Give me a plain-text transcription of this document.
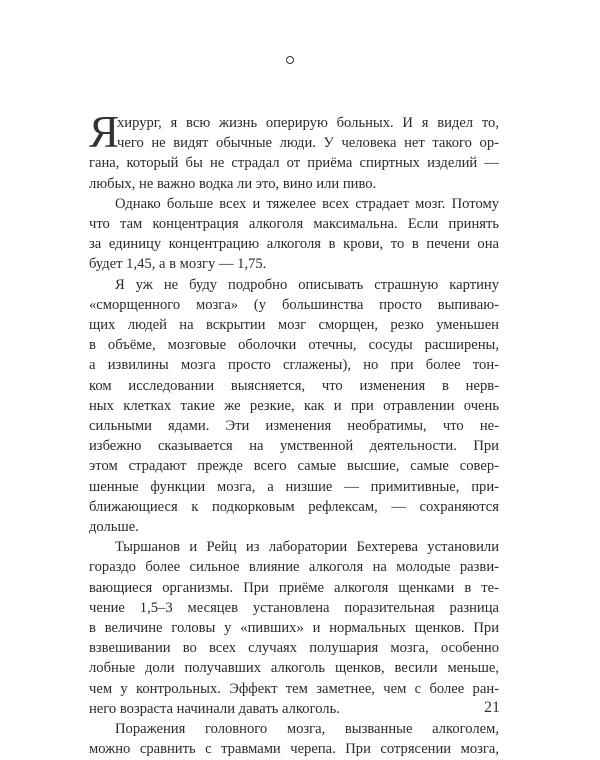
Я
хирург, я всю жизнь оперирую больных. И я видел то,
чего не видят обычные люди. У человека нет такого ор-
гана, который бы не страдал от приёма спиртных изделий —
любых, не важно водка ли это, вино или пиво.

Однако больше всех и тяжелее всех страдает мозг. Потому
что там концентрация алкоголя максимальна. Если принять
за единицу концентрацию алкоголя в крови, то в печени она
будет 1,45, а в мозгу — 1,75.

Я уж не буду подробно описывать страшную картину
«сморщенного мозга» (у большинства просто выпиваю-
щих людей на вскрытии мозг сморщен, резко уменьшен
в объёме, мозговые оболочки отечны, сосуды расширены,
а извилины мозга просто сглажены), но при более тон-
ком исследовании выясняется, что изменения в нерв-
ных клетках такие же резкие, как и при отравлении очень
сильными ядами. Эти изменения необратимы, что не-
избежно сказывается на умственной деятельности. При
этом страдают прежде всего самые высшие, самые совер-
шенные функции мозга, а низшие — примитивные, при-
ближающиеся к подкорковым рефлексам, — сохраняются
дольше.

Тыршанов и Рейц из лаборатории Бехтерева установили
гораздо более сильное влияние алкоголя на молодые разви-
вающиеся организмы. При приёме алкоголя щенками в те-
чение 1,5–3 месяцев установлена поразительная разница
в величине головы у «пивших» и нормальных щенков. При
взвешивании во всех случаях полушария мозга, особенно
лобные доли получавших алкоголь щенков, весили меньше,
чем у контрольных. Эффект тем заметнее, чем с более ран-
него возраста начинали давать алкоголь.

Поражения головного мозга, вызванные алкоголем,
можно сравнить с травмами черепа. При сотрясении мозга,

21
